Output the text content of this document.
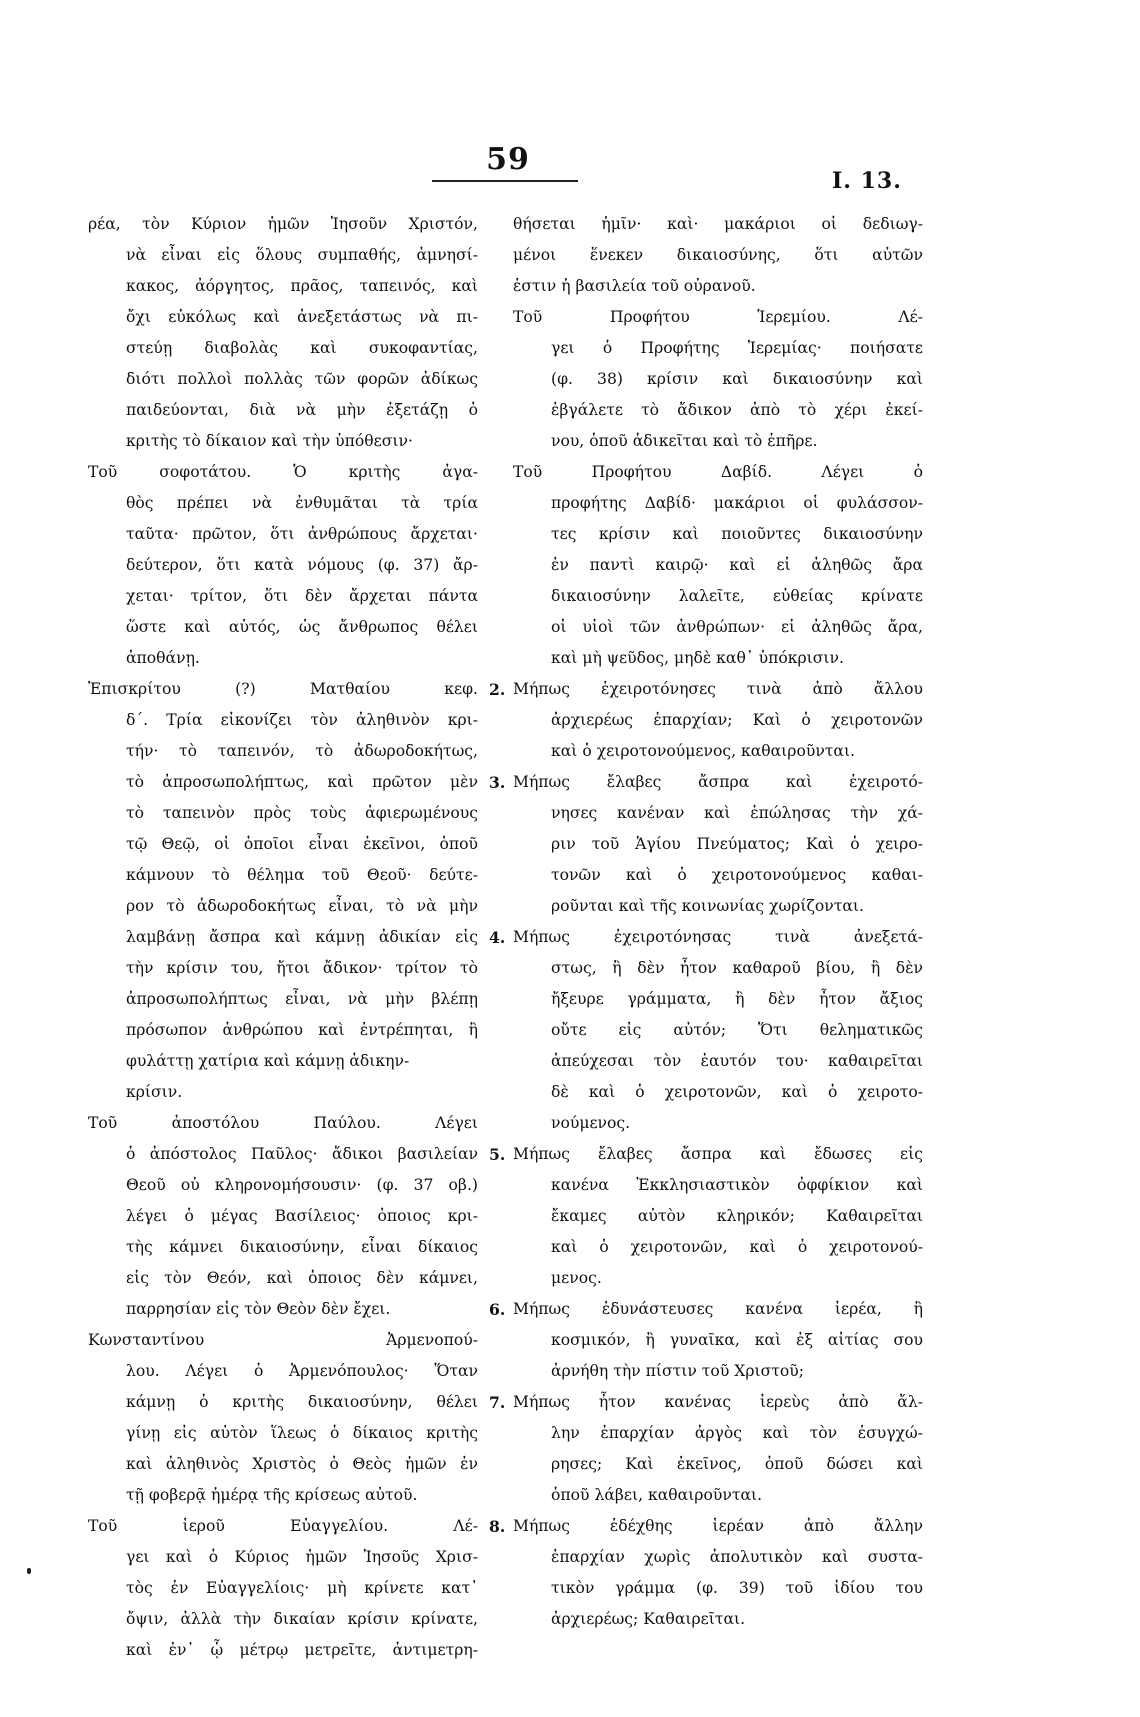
59
Ι. 13.
ρέα, τὸν Κύριον ἡμῶν Ἰησοῦν Χριστόν,
νὰ εἶναι εἰς ὅλους συμπαθής, ἀμνησί-
κακος, ἀόργητος, πρᾶος, ταπεινός, καὶ
ὄχι εὐκόλως καὶ ἀνεξετάστως νὰ πι-
στεύῃ διαβολὰς καὶ συκοφαντίας,
διότι πολλοὶ πολλὰς τῶν φορῶν ἀδίκως
παιδεύονται, διὰ νὰ μὴν ἐξετάζῃ ὁ
κριτὴς τὸ δίκαιον καὶ τὴν ὑπόθεσιν·
Τοῦ σοφοτάτου. Ὁ κριτὴς ἀγα-
θὸς πρέπει νὰ ἐνθυμᾶται τὰ τρία
ταῦτα· πρῶτον, ὅτι ἀνθρώπους ἄρχεται·
δεύτερον, ὅτι κατὰ νόμους (φ. 37) ἄρ-
χεται· τρίτον, ὅτι δὲν ἄρχεται πάντα
ὥστε καὶ αὐτός, ὡς ἄνθρωπος θέλει
ἀποθάνῃ.
Ἐπισκρίτου (?) Ματθαίου κεφ.
δ΄. Τρία εἰκονίζει τὸν ἀληθινὸν κρι-
τήν· τὸ ταπεινόν, τὸ ἀδωροδοκήτως,
τὸ ἀπροσωπολήπτως, καὶ πρῶτον μὲν
τὸ ταπεινὸν πρὸς τοὺς ἀφιερωμένους
τῷ Θεῷ, οἱ ὁποῖοι εἶναι ἐκεῖνοι, ὁποῦ
κάμνουν τὸ θέλημα τοῦ Θεοῦ· δεύτε-
ρον τὸ ἀδωροδοκήτως εἶναι, τὸ νὰ μὴν
λαμβάνῃ ἄσπρα καὶ κάμνῃ ἀδικίαν εἰς
τὴν κρίσιν του, ἤτοι ἄδικον· τρίτον τὸ
ἀπροσωπολήπτως εἶναι, νὰ μὴν βλέπῃ
πρόσωπον ἀνθρώπου καὶ ἐντρέπηται, ἢ
φυλάττῃ χατίρια καὶ κάμνῃ ἀδικην-
κρίσιν.
Τοῦ ἀποστόλου Παύλου. Λέγει
ὁ ἀπόστολος Παῦλος· ἄδικοι βασιλείαν
Θεοῦ οὐ κληρονομήσουσιν· (φ. 37 οβ.)
λέγει ὁ μέγας Βασίλειος· ὁποιος κρι-
τὴς κάμνει δικαιοσύνην, εἶναι δίκαιος
εἰς τὸν Θεόν, καὶ ὁποιος δὲν κάμνει,
παρρησίαν εἰς τὸν Θεὸν δὲν ἔχει.
Κωνσταντίνου Ἀρμενοπού-
λου. Λέγει ὁ Ἀρμενόπουλος· Ὅταν
κάμνῃ ὁ κριτὴς δικαιοσύνην, θέλει
γίνῃ εἰς αὐτὸν ἵλεως ὁ δίκαιος κριτὴς
καὶ ἀληθινὸς Χριστὸς ὁ Θεὸς ἡμῶν ἐν
τῇ φοβερᾷ ἡμέρᾳ τῆς κρίσεως αὐτοῦ.
Τοῦ ἱεροῦ Εὐαγγελίου. Λέ-
γει καὶ ὁ Κύριος ἡμῶν Ἰησοῦς Χρισ-
τὸς ἐν Εὐαγγελίοις· μὴ κρίνετε κατ᾽
ὄψιν, ἀλλὰ τὴν δικαίαν κρίσιν κρίνατε,
καὶ ἐν᾽ ᾧ μέτρῳ μετρεῖτε, ἀντιμετρη-
θήσεται ἡμῖν· καὶ· μακάριοι οἱ δεδιωγ-
μένοι ἕνεκεν δικαιοσύνης, ὅτι αὐτῶν
ἐστιν ἡ βασιλεία τοῦ οὐρανοῦ.
Τοῦ Προφήτου Ἱερεμίου. Λέ-
γει ὁ Προφήτης Ἱερεμίας· ποιήσατε
(φ. 38) κρίσιν καὶ δικαιοσύνην καὶ
ἐβγάλετε τὸ ἄδικον ἀπὸ τὸ χέρι ἐκεί-
νου, ὁποῦ ἀδικεῖται καὶ τὸ ἐπῆρε.
Τοῦ Προφήτου Δαβίδ. Λέγει ὁ
προφήτης Δαβίδ· μακάριοι οἱ φυλάσσον-
τες κρίσιν καὶ ποιοῦντες δικαιοσύνην
ἐν παντὶ καιρῷ· καὶ εἰ ἀληθῶς ἄρα
δικαιοσύνην λαλεῖτε, εὐθείας κρίνατε
οἱ υἱοὶ τῶν ἀνθρώπων· εἰ ἀληθῶς ἄρα,
καὶ μὴ ψεῦδος, μηδὲ καθ᾽ ὑπόκρισιν.
2. Μήπως ἐχειροτόνησες τινὰ ἀπὸ ἄλλου
ἀρχιερέως ἐπαρχίαν; Καὶ ὁ χειροτονῶν
καὶ ὁ χειροτονούμενος, καθαιροῦνται.
3. Μήπως ἔλαβες ἄσπρα καὶ ἐχειροτό-
νησες κανέναν καὶ ἐπώλησας τὴν χά-
ριν τοῦ Ἁγίου Πνεύματος; Καὶ ὁ χειρο-
τονῶν καὶ ὁ χειροτονούμενος καθαι-
ροῦνται καὶ τῆς κοινωνίας χωρίζονται.
4. Μήπως ἐχειροτόνησας τινὰ ἀνεξετά-
στως, ἢ δὲν ἦτον καθαροῦ βίου, ἢ δὲν
ἤξευρε γράμματα, ἢ δὲν ἦτον ἄξιος
οὔτε εἰς αὐτόν; Ὅτι θεληματικῶς
ἀπεύχεσαι τὸν ἑαυτόν του· καθαιρεῖται
δὲ καὶ ὁ χειροτονῶν, καὶ ὁ χειροτο-
νούμενος.
5. Μήπως ἔλαβες ἄσπρα καὶ ἔδωσες εἰς
κανένα Ἐκκλησιαστικὸν ὀφφίκιον καὶ
ἔκαμες αὐτὸν κληρικόν; Καθαιρεῖται
καὶ ὁ χειροτονῶν, καὶ ὁ χειροτονού-
μενος.
6. Μήπως ἐδυνάστευσες κανένα ἱερέα, ἢ
κοσμικόν, ἢ γυναῖκα, καὶ ἐξ αἰτίας σου
ἀρνήθη τὴν πίστιν τοῦ Χριστοῦ;
7. Μήπως ἦτον κανένας ἱερεὺς ἀπὸ ἄλ-
λην ἐπαρχίαν ἀργὸς καὶ τὸν ἐσυγχώ-
ρησες; Καὶ ἐκεῖνος, ὁποῦ δώσει καὶ
ὁποῦ λάβει, καθαιροῦνται.
8. Μήπως ἐδέχθης ἱερέαν ἀπὸ ἄλλην
ἐπαρχίαν χωρὶς ἀπολυτικὸν καὶ συστα-
τικὸν γράμμα (φ. 39) τοῦ ἰδίου του
ἀρχιερέως; Καθαιρεῖται.
